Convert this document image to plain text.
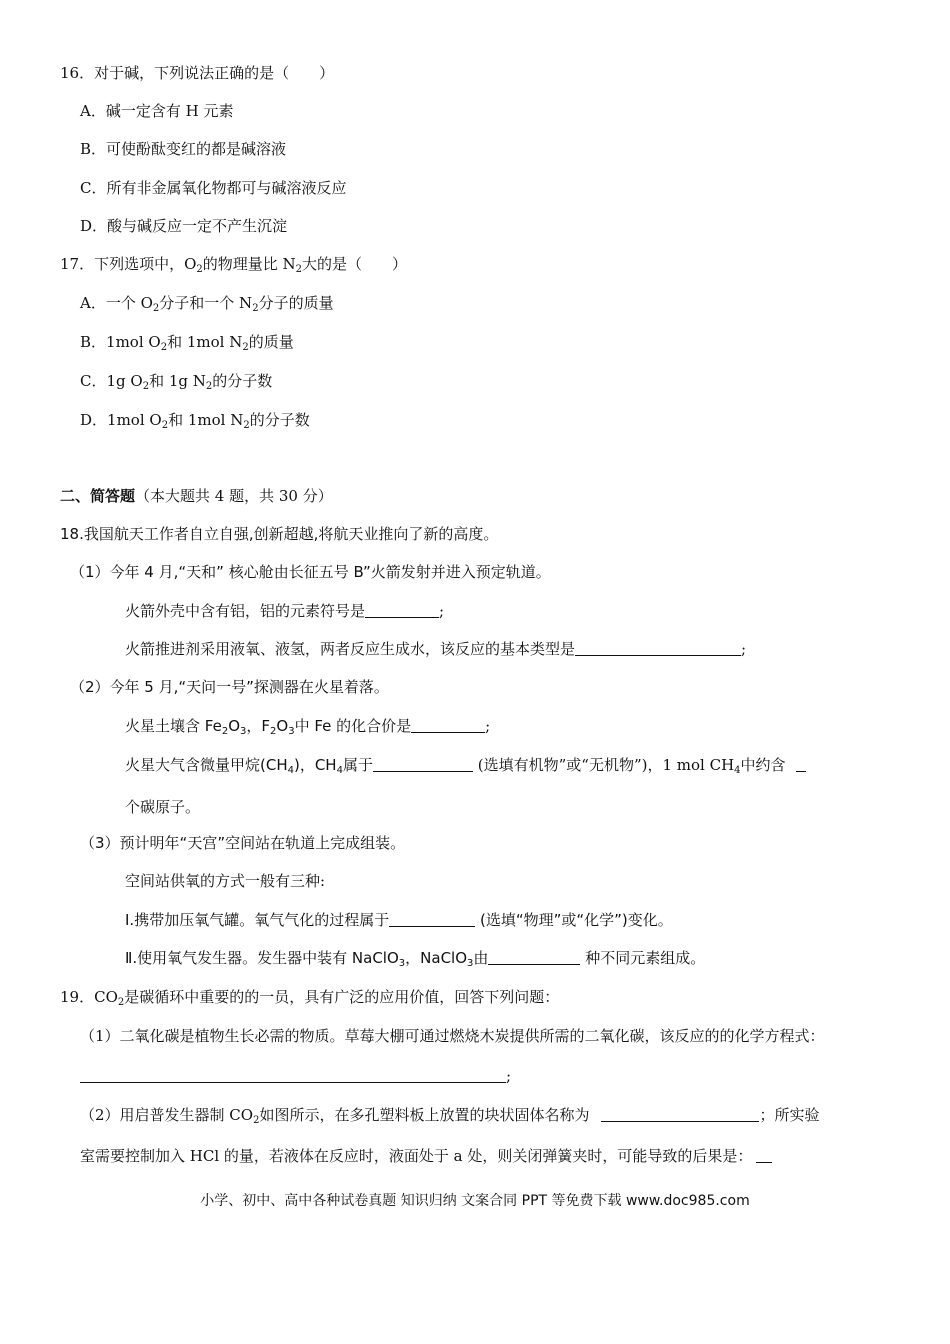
16．对于碱，下列说法正确的是（　　）
A．碱一定含有 H 元素
B．可使酚酞变红的都是碱溶液
C．所有非金属氧化物都可与碱溶液反应
D．酸与碱反应一定不产生沉淀
17．下列选项中，$O_2$的物理量比 $N_2$大的是（　　）
A．一个 $O_2$分子和一个 $N_2$分子的质量
B．1mol $O_2$和 1mol $N_2$的质量
C．1g $O_2$和 1g $N_2$的分子数
D．1mol $O_2$和 1mol $N_2$的分子数
二、简答题（本大题共 4 题，共 30 分）
18.我国航天工作者自立自强,创新超越,将航天业推向了新的高度。
（1）今年 4 月,“天和” 核心舱由长征五号 B”火箭发射并进入预定轨道。
火箭外壳中含有铝，铝的元素符号是	;
火箭推进剂采用液氧、液氢，两者反应生成水，该反应的基本类型是	;
（2）今年 5 月,“天问一号”探测器在火星着落。
火星土壤含 $Fe_2O_3$，$F_2O_3$中 Fe 的化合价是	;
火星大气含微量甲烷$(CH_4)$，$CH_4$属于	(选填有机物”或“无机物”)，1 mol $CH_4$中约含
个碳原子。
（3）预计明年“天宫”空间站在轨道上完成组装。
空间站供氧的方式一般有三种:
Ⅰ.携带加压氧气罐。氧气气化的过程属于	(选填“物理”或“化学”)变化。
Ⅱ.使用氧气发生器。发生器中装有 NaClO$_3$，NaClO$_3$由	种不同元素组成。
19．$CO_2$是碳循环中重要的的一员，具有广泛的应用价值，回答下列问题：
（1）二氧化碳是植物生长必需的物质。草莓大棚可通过燃烧木炭提供所需的二氧化碳，该反应的的化学方程式：
;
（2）用启普发生器制 $CO_2$如图所示，在多孔塑料板上放置的块状固体名称为	；所实验
室需要控制加入 HCl 的量，若液体在反应时，液面处于 a 处，则关闭弹簧夹时，可能导致的后果是：
小学、初中、高中各种试卷真题 知识归纳 文案合同 PPT 等免费下载 www.doc985.com
